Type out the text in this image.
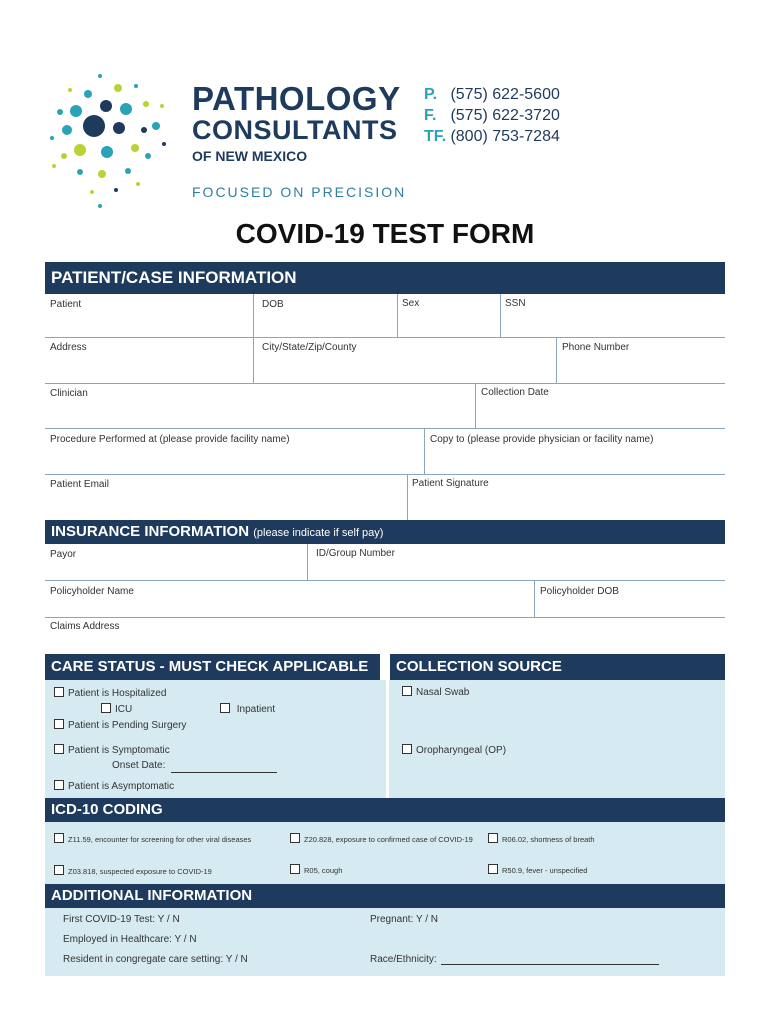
PATHOLOGY
CONSULTANTS
OF NEW MEXICO
FOCUSED ON PRECISION
P. (575) 622-5600
F. (575) 622-3720
TF. (800) 753-7284
COVID-19 TEST FORM
PATIENT/CASE INFORMATION
Patient	DOB	Sex	SSN
Address	City/State/Zip/County	Phone Number
Clinician	Collection Date
Procedure Performed at (please provide facility name)	Copy to (please provide physician or facility name)
Patient Email	Patient Signature
INSURANCE INFORMATION (please indicate if self pay)
Payor	ID/Group Number
Policyholder Name	Policyholder DOB
Claims Address
CARE STATUS - MUST CHECK APPLICABLE	COLLECTION SOURCE
Patient is Hospitalized
ICU	Inpatient
Patient is Pending Surgery
Patient is Symptomatic
Onset Date:
Patient is Asymptomatic
Nasal Swab
Oropharyngeal (OP)
ICD-10 CODING
Z11.59, encounter for screening for other viral diseases	Z20.828, exposure to confirmed case of COVID-19	R06.02, shortness of breath
Z03.818, suspected exposure to COVID-19	R05, cough	R50.9, fever - unspecified
ADDITIONAL INFORMATION
First COVID-19 Test: Y / N	Pregnant: Y / N
Employed in Healthcare: Y / N
Resident in congregate care setting: Y / N	Race/Ethnicity:
